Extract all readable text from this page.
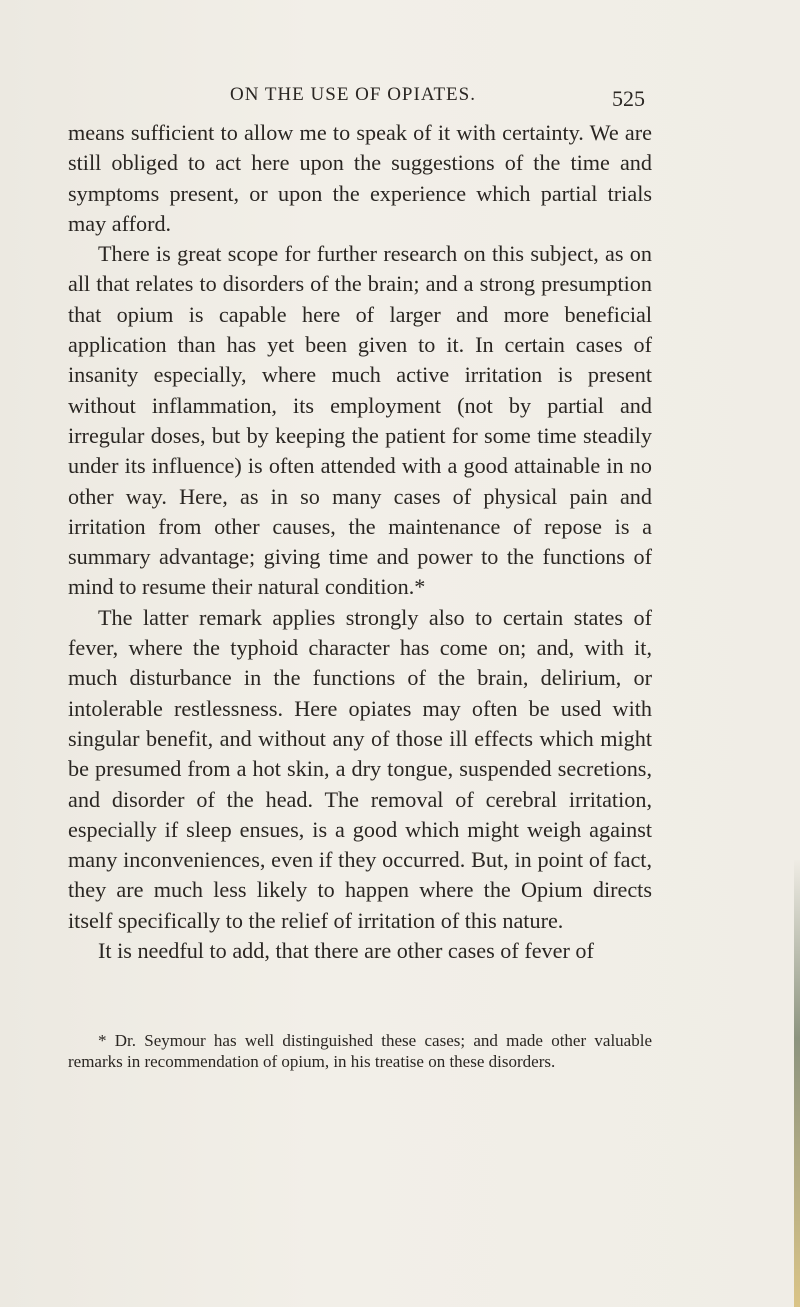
ON THE USE OF OPIATES.	525

means sufficient to allow me to speak of it with certainty. We are still obliged to act here upon the suggestions of the time and symptoms present, or upon the experience which partial trials may afford.

There is great scope for further research on this subject, as on all that relates to disorders of the brain; and a strong presumption that opium is capable here of larger and more beneficial application than has yet been given to it. In certain cases of insanity especially, where much active irritation is present without inflammation, its employment (not by partial and irregular doses, but by keeping the patient for some time steadily under its influence) is often attended with a good attainable in no other way. Here, as in so many cases of physical pain and irritation from other causes, the maintenance of repose is a summary advantage; giving time and power to the functions of mind to resume their natural condition.*

The latter remark applies strongly also to certain states of fever, where the typhoid character has come on; and, with it, much disturbance in the functions of the brain, delirium, or intolerable restlessness. Here opiates may often be used with singular benefit, and without any of those ill effects which might be presumed from a hot skin, a dry tongue, suspended secretions, and disorder of the head. The removal of cerebral irritation, especially if sleep ensues, is a good which might weigh against many inconveniences, even if they occurred. But, in point of fact, they are much less likely to happen where the Opium directs itself specifically to the relief of irritation of this nature.

It is needful to add, that there are other cases of fever of

* Dr. Seymour has well distinguished these cases; and made other valuable remarks in recommendation of opium, in his treatise on these disorders.
